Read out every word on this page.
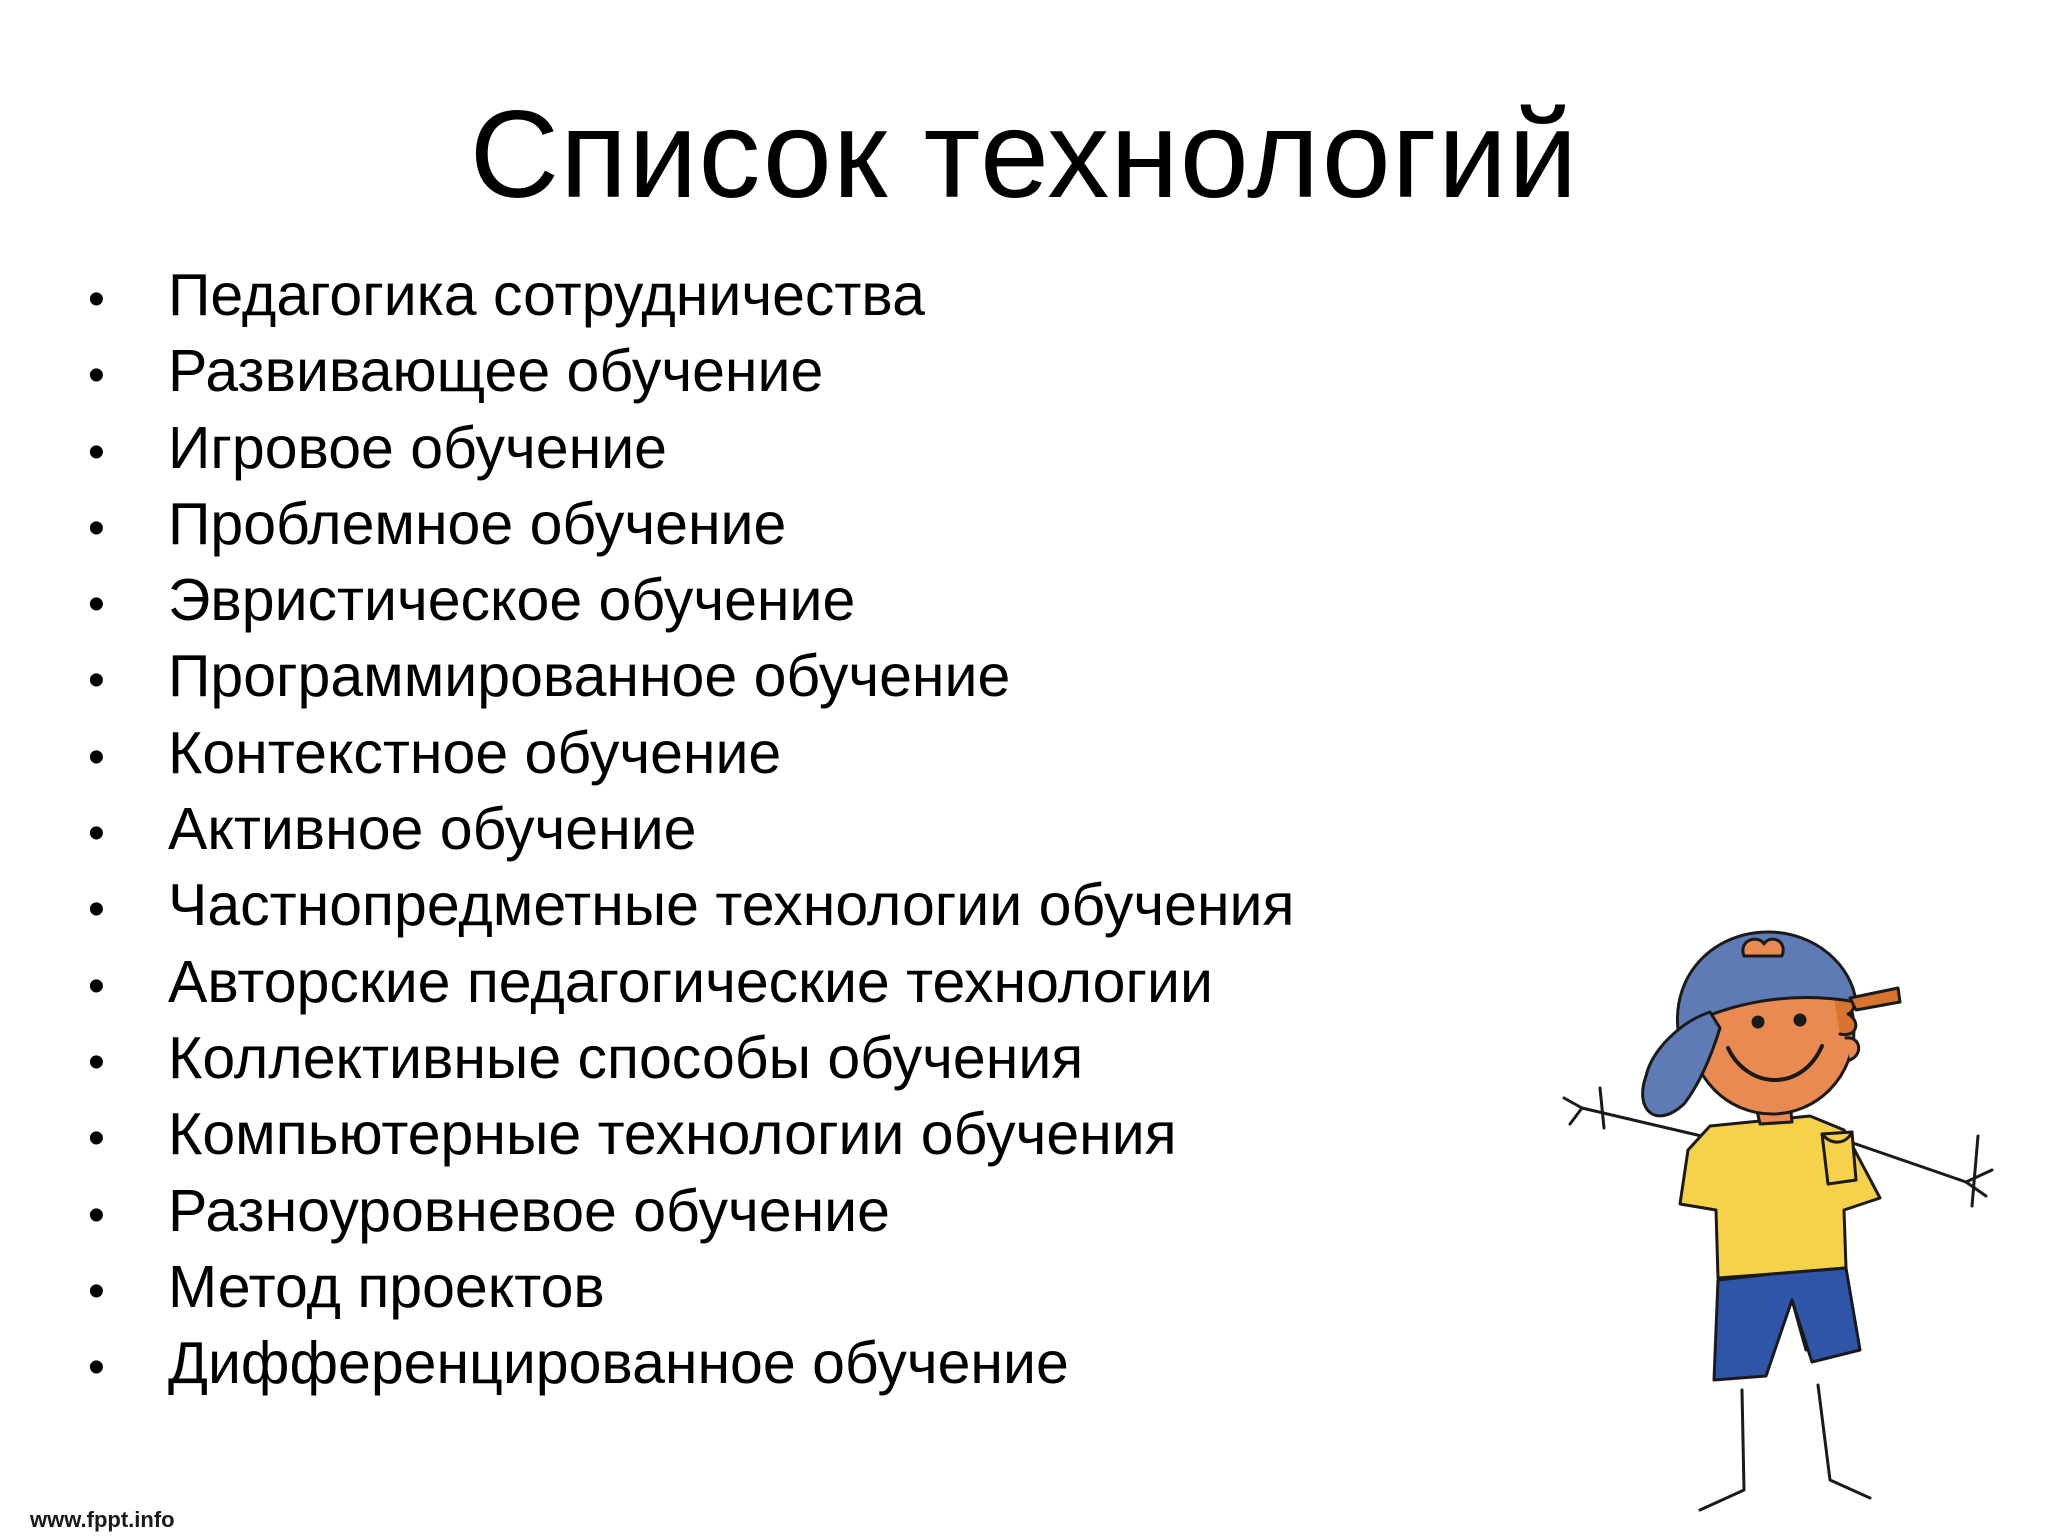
Список технологий
•	Педагогика сотрудничества
•	Развивающее обучение
•	Игровое обучение
•	Проблемное обучение
•	Эвристическое обучение
•	Программированное обучение
•	Контекстное обучение
•	Активное обучение
•	Частнопредметные технологии обучения
•	Авторские педагогические технологии
•	Коллективные способы обучения
•	Компьютерные технологии обучения
•	Разноуровневое обучение
•	Метод проектов
•	Дифференцированное обучение
www.fppt.info
